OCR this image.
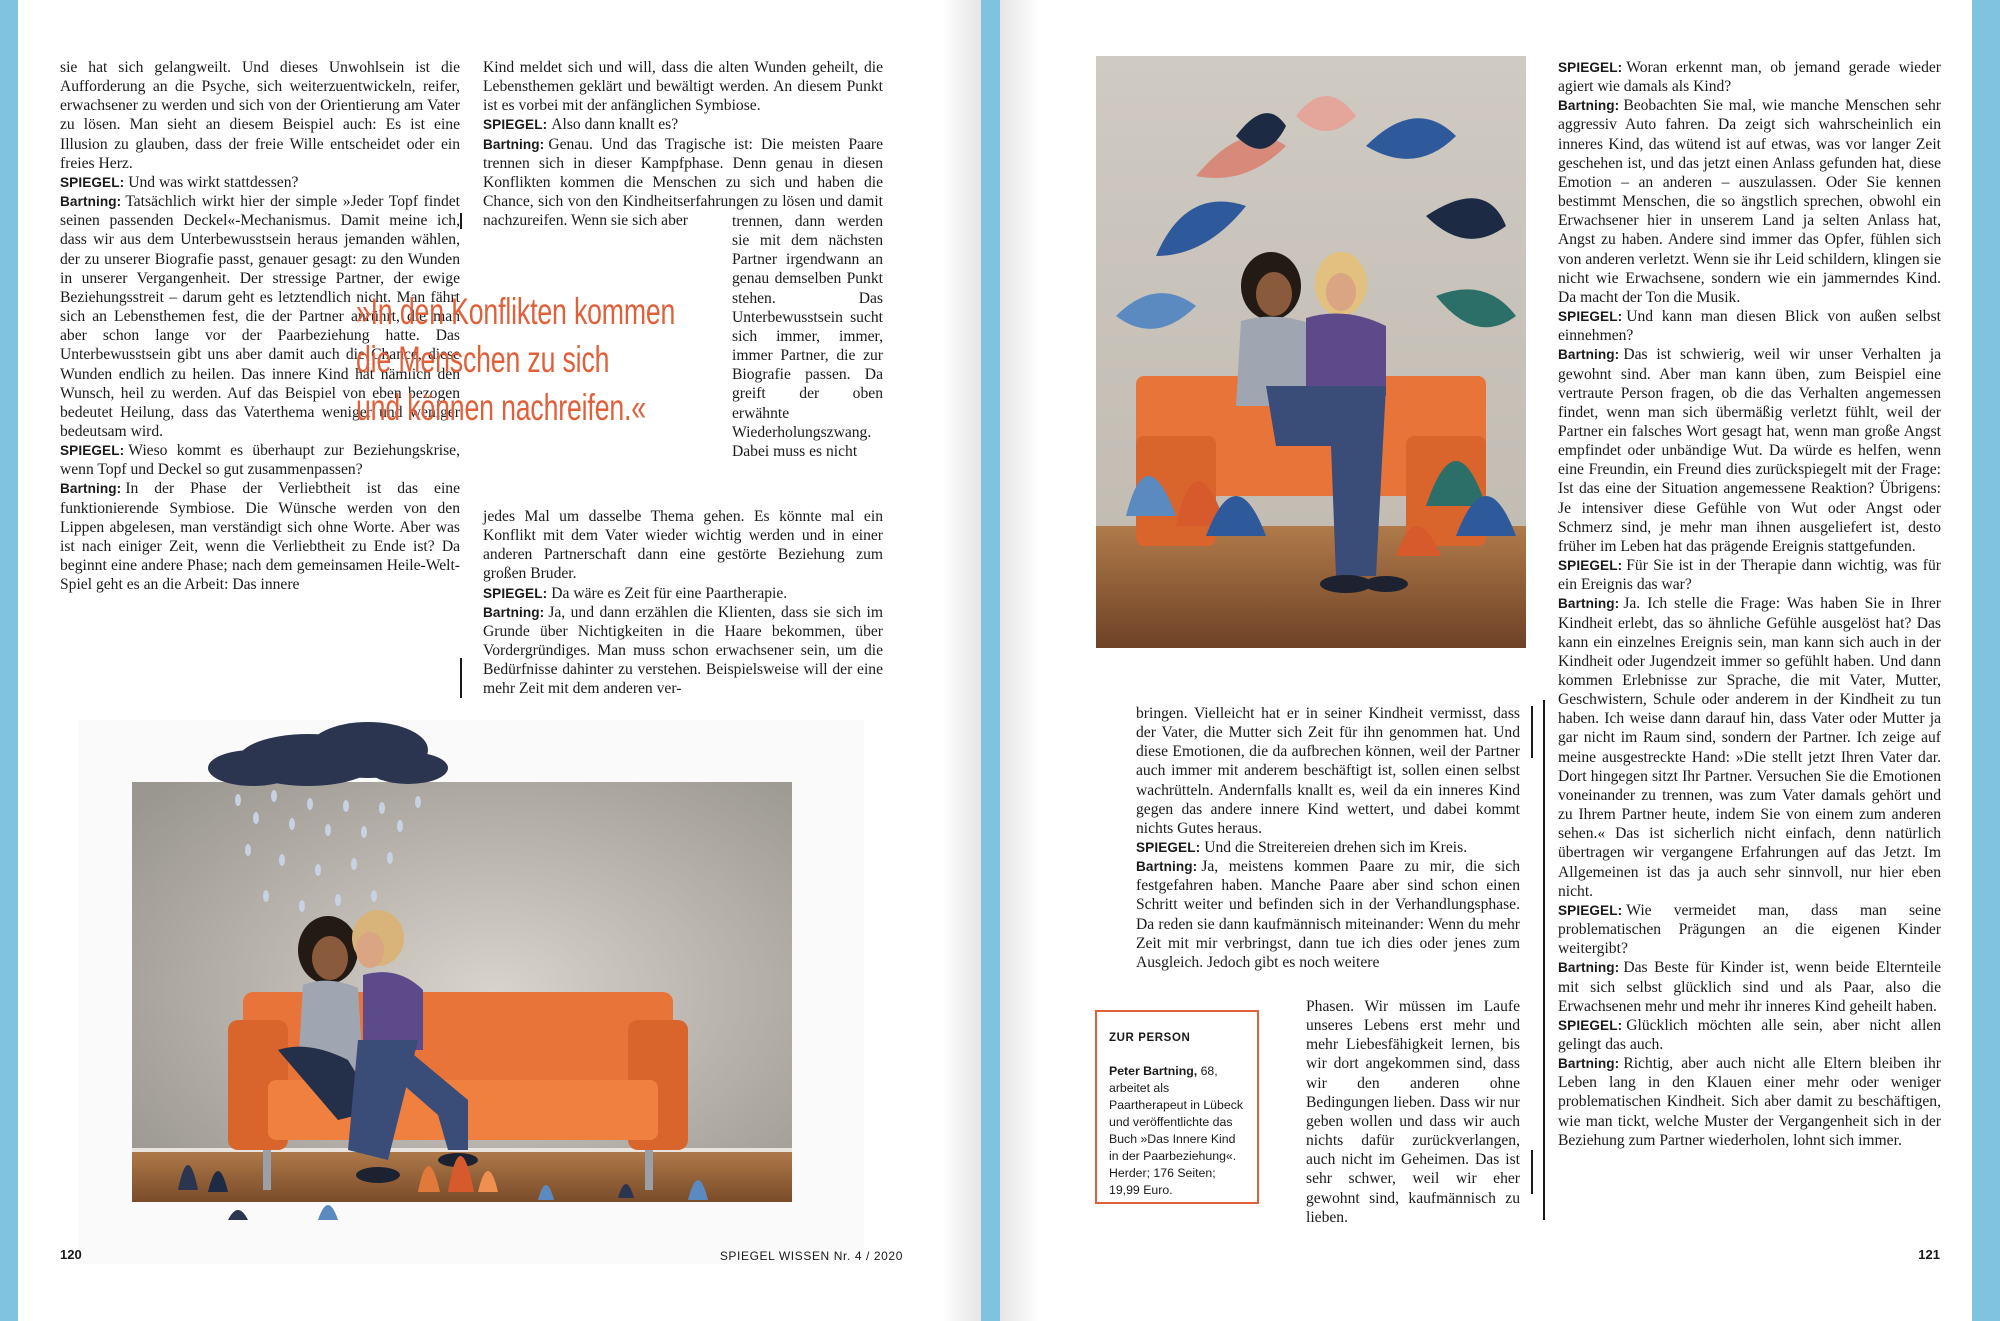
sie hat sich gelangweilt. Und dieses Unwohlsein ist die Aufforderung an die Psyche, sich weiterzuentwickeln, reifer, erwachsener zu werden und sich von der Orientierung am Vater zu lösen. Man sieht an diesem Beispiel auch: Es ist eine Illusion zu glauben, dass der freie Wille entscheidet oder ein freies Herz.

SPIEGEL: Und was wirkt stattdessen?

Bartning: Tatsächlich wirkt hier der simple »Jeder Topf findet seinen passenden Deckel«-Mechanismus. Damit meine ich, dass wir aus dem Unterbewusstsein heraus jemanden wählen, der zu unserer Biografie passt, genauer gesagt: zu den Wunden in unserer Vergangenheit. Der stressige Partner, der ewige Beziehungsstreit – darum geht es letztendlich nicht. Man fährt sich an Lebensthemen fest, die der Partner anrührt, die man aber schon lange vor der Paarbeziehung hatte. Das Unterbewusstsein gibt uns aber damit auch die Chance, diese Wunden endlich zu heilen. Das innere Kind hat nämlich den Wunsch, heil zu werden. Auf das Beispiel von eben bezogen bedeutet Heilung, dass das Vaterthema weniger und weniger bedeutsam wird.

SPIEGEL: Wieso kommt es überhaupt zur Beziehungskrise, wenn Topf und Deckel so gut zusammenpassen?

Bartning: In der Phase der Verliebtheit ist das eine funktionierende Symbiose. Die Wünsche werden von den Lippen abgelesen, man verständigt sich ohne Worte. Aber was ist nach einiger Zeit, wenn die Verliebtheit zu Ende ist? Da beginnt eine andere Phase; nach dem gemeinsamen Heile-Welt-Spiel geht es an die Arbeit: Das innere

Kind meldet sich und will, dass die alten Wunden geheilt, die Lebensthemen geklärt und bewältigt werden. An diesem Punkt ist es vorbei mit der anfänglichen Symbiose.

SPIEGEL: Also dann knallt es?

Bartning: Genau. Und das Tragische ist: Die meisten Paare trennen sich in dieser Kampfphase. Denn genau in diesen Konflikten kommen die Menschen zu sich und haben die Chance, sich von den Kindheitserfahrungen zu lösen und damit nachzureifen. Wenn sie sich aber	trennen, dann werden sie mit dem nächsten Partner irgendwann an genau demselben Punkt stehen. Das Unterbewusstsein sucht sich immer, immer, immer Partner, die zur Biografie passen. Da greift der oben erwähnte Wiederholungszwang. Dabei muss es nicht

jedes Mal um dasselbe Thema gehen. Es könnte mal ein Konflikt mit dem Vater wieder wichtig werden und in einer anderen Partnerschaft dann eine gestörte Beziehung zum großen Bruder.

SPIEGEL: Da wäre es Zeit für eine Paartherapie.

Bartning: Ja, und dann erzählen die Klienten, dass sie sich im Grunde über Nichtigkeiten in die Haare bekommen, über Vordergründiges. Man muss schon erwachsener sein, um die Bedürfnisse dahinter zu verstehen. Beispielsweise will der eine mehr Zeit mit dem anderen ver-

»In den Konflikten kommen
die Menschen zu sich
und können nachreifen.«
120	SPIEGEL WISSEN Nr. 4 / 2020
bringen. Vielleicht hat er in seiner Kindheit vermisst, dass der Vater, die Mutter sich Zeit für ihn genommen hat. Und diese Emotionen, die da aufbrechen können, weil der Partner auch immer mit anderem beschäftigt ist, sollen einen selbst wachrütteln. Andernfalls knallt es, weil da ein inneres Kind gegen das andere innere Kind wettert, und dabei kommt nichts Gutes heraus.

SPIEGEL: Und die Streitereien drehen sich im Kreis.

Bartning: Ja, meistens kommen Paare zu mir, die sich festgefahren haben. Manche Paare aber sind schon einen Schritt weiter und befinden sich in der Verhandlungsphase. Da reden sie dann kaufmännisch miteinander: Wenn du mehr Zeit mit mir verbringst, dann tue ich dies oder jenes zum Ausgleich. Jedoch gibt es noch weitere

Phasen. Wir müssen im Laufe unseres Lebens erst mehr und mehr Liebesfähigkeit lernen, bis wir dort angekommen sind, dass wir den anderen ohne Bedingungen lieben. Dass wir nur geben wollen und dass wir auch nichts dafür zurückverlangen, auch nicht im Geheimen. Das ist sehr schwer, weil wir eher gewohnt sind, kaufmännisch zu lieben.

SPIEGEL: Woran erkennt man, ob jemand gerade wieder agiert wie damals als Kind?

Bartning: Beobachten Sie mal, wie manche Menschen sehr aggressiv Auto fahren. Da zeigt sich wahrscheinlich ein inneres Kind, das wütend ist auf etwas, was vor langer Zeit geschehen ist, und das jetzt einen Anlass gefunden hat, diese Emotion – an anderen – auszulassen. Oder Sie kennen bestimmt Menschen, die so ängstlich sprechen, obwohl ein Erwachsener hier in unserem Land ja selten Anlass hat, Angst zu haben. Andere sind immer das Opfer, fühlen sich von anderen verletzt. Wenn sie ihr Leid schildern, klingen sie nicht wie Erwachsene, sondern wie ein jammerndes Kind. Da macht der Ton die Musik.

SPIEGEL: Und kann man diesen Blick von außen selbst einnehmen?

Bartning: Das ist schwierig, weil wir unser Verhalten ja gewohnt sind. Aber man kann üben, zum Beispiel eine vertraute Person fragen, ob die das Verhalten angemessen findet, wenn man sich übermäßig verletzt fühlt, weil der Partner ein falsches Wort gesagt hat, wenn man große Angst empfindet oder unbändige Wut. Da würde es helfen, wenn eine Freundin, ein Freund dies zurückspiegelt mit der Frage: Ist das eine der Situation angemessene Reaktion? Übrigens: Je intensiver diese Gefühle von Wut oder Angst oder Schmerz sind, je mehr man ihnen ausgeliefert ist, desto früher im Leben hat das prägende Ereignis stattgefunden.

SPIEGEL: Für Sie ist in der Therapie dann wichtig, was für ein Ereignis das war?

Bartning: Ja. Ich stelle die Frage: Was haben Sie in Ihrer Kindheit erlebt, das so ähnliche Gefühle ausgelöst hat? Das kann ein einzelnes Ereignis sein, man kann sich auch in der Kindheit oder Jugendzeit immer so gefühlt haben. Und dann kommen Erlebnisse zur Sprache, die mit Vater, Mutter, Geschwistern, Schule oder anderem in der Kindheit zu tun haben. Ich weise dann darauf hin, dass Vater oder Mutter ja gar nicht im Raum sind, sondern der Partner. Ich zeige auf meine ausgestreckte Hand: »Die stellt jetzt Ihren Vater dar. Dort hingegen sitzt Ihr Partner. Versuchen Sie die Emotionen voneinander zu trennen, was zum Vater damals gehört und zu Ihrem Partner heute, indem Sie von einem zum anderen sehen.« Das ist sicherlich nicht einfach, denn natürlich übertragen wir vergangene Erfahrungen auf das Jetzt. Im Allgemeinen ist das ja auch sehr sinnvoll, nur hier eben nicht.

SPIEGEL: Wie vermeidet man, dass man seine problematischen Prägungen an die eigenen Kinder weitergibt?

Bartning: Das Beste für Kinder ist, wenn beide Elternteile mit sich selbst glücklich sind und als Paar, also die Erwachsenen mehr und mehr ihr inneres Kind geheilt haben.

SPIEGEL: Glücklich möchten alle sein, aber nicht allen gelingt das auch.

Bartning: Richtig, aber auch nicht alle Eltern bleiben ihr Leben lang in den Klauen einer mehr oder weniger problematischen Kindheit. Sich aber damit zu beschäftigen, wie man tickt, welche Muster der Vergangenheit sich in der Beziehung zum Partner wiederholen, lohnt sich immer.

ZUR PERSON
Peter Bartning, 68, arbeitet als Paartherapeut in Lübeck und veröffentlichte das Buch »Das Innere Kind in der Paarbeziehung«. Herder; 176 Seiten; 19,99 Euro.
121
